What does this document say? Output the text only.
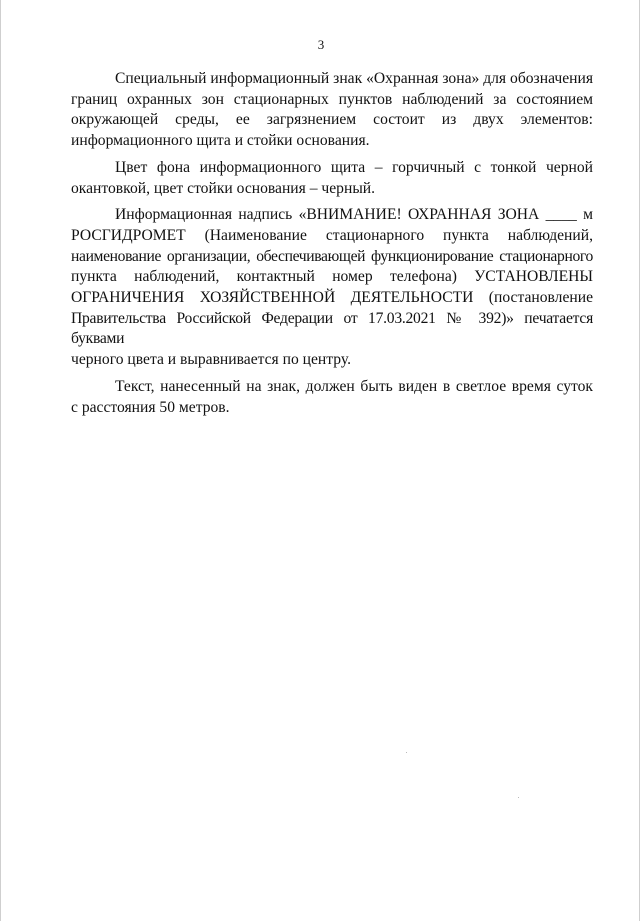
3
Специальный информационный знак «Охранная зона» для обозначения
границ охранных зон стационарных пунктов наблюдений за состоянием
окружающей среды, ее загрязнением состоит из двух элементов:
информационного щита и стойки основания.
Цвет фона информационного щита – горчичный с тонкой черной
окантовкой, цвет стойки основания – черный.
Информационная надпись «ВНИМАНИЕ! ОХРАННАЯ ЗОНА ____ м
РОСГИДРОМЕТ (Наименование стационарного пункта наблюдений,
наименование организации, обеспечивающей функционирование стационарного
пункта наблюдений, контактный номер телефона) УСТАНОВЛЕНЫ
ОГРАНИЧЕНИЯ ХОЗЯЙСТВЕННОЙ ДЕЯТЕЛЬНОСТИ (постановление
Правительства Российской Федерации от 17.03.2021 № 392)» печатается буквами
черного цвета и выравнивается по центру.
Текст, нанесенный на знак, должен быть виден в светлое время суток
с расстояния 50 метров.
